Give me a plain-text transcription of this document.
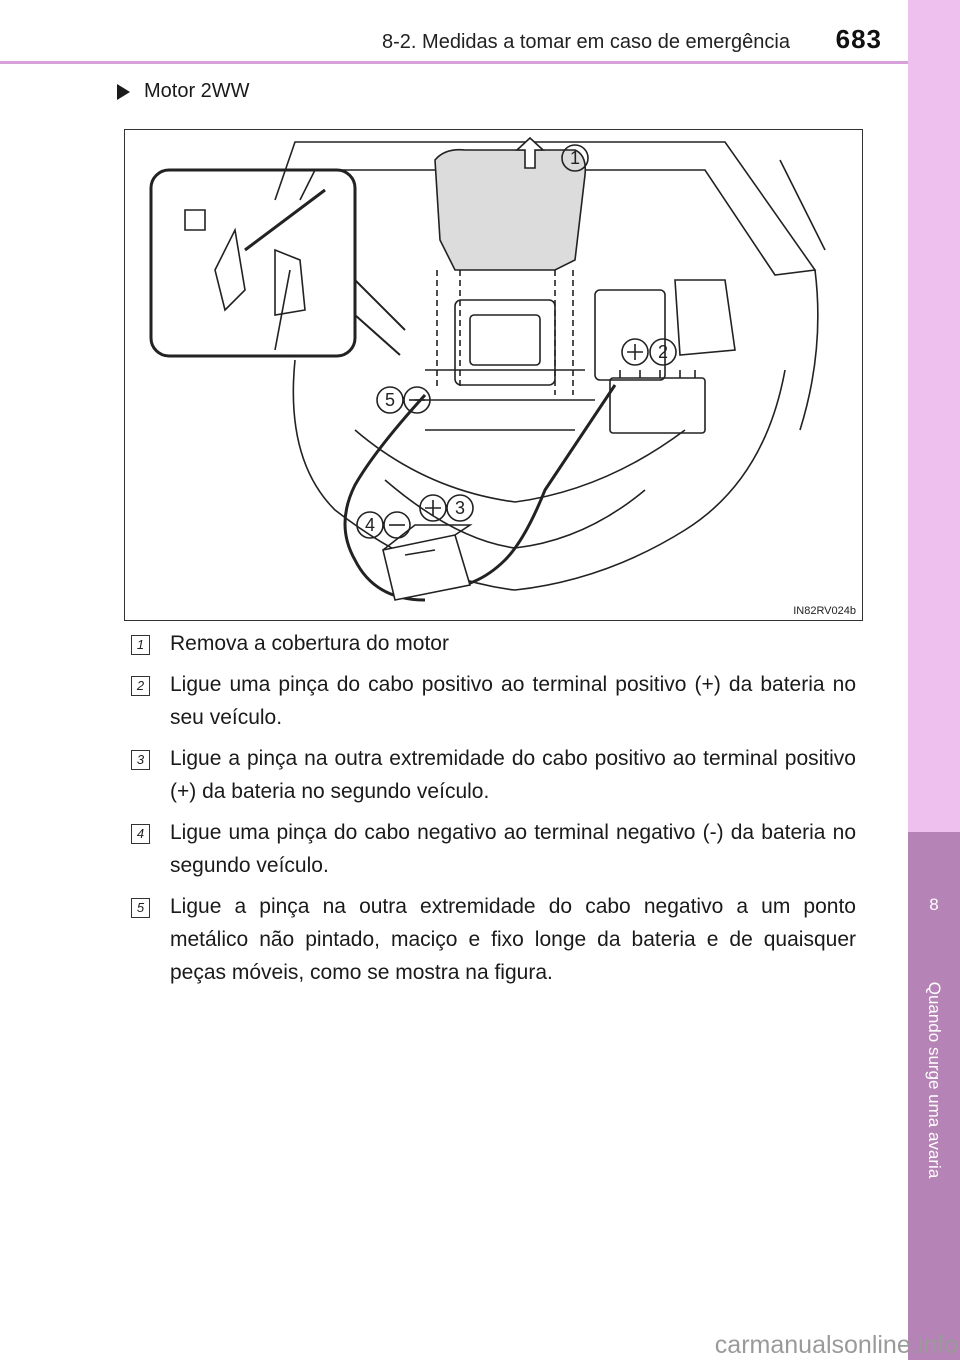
8-2. Medidas a tomar em caso de emergência 683
8
Quando surge uma avaria
Motor 2WW
1
2
3
4
5
IN82RV024b
1 Remova a cobertura do motor
2 Ligue uma pinça do cabo positivo ao terminal positivo (+) da bateria no seu veículo.
3 Ligue a pinça na outra extremidade do cabo positivo ao terminal positivo (+) da bateria no segundo veículo.
4 Ligue uma pinça do cabo negativo ao terminal negativo (-) da bateria no segundo veículo.
5 Ligue a pinça na outra extremidade do cabo negativo a um ponto metálico não pintado, maciço e fixo longe da bateria e de quaisquer peças móveis, como se mostra na figura.
carmanualsonline.info
